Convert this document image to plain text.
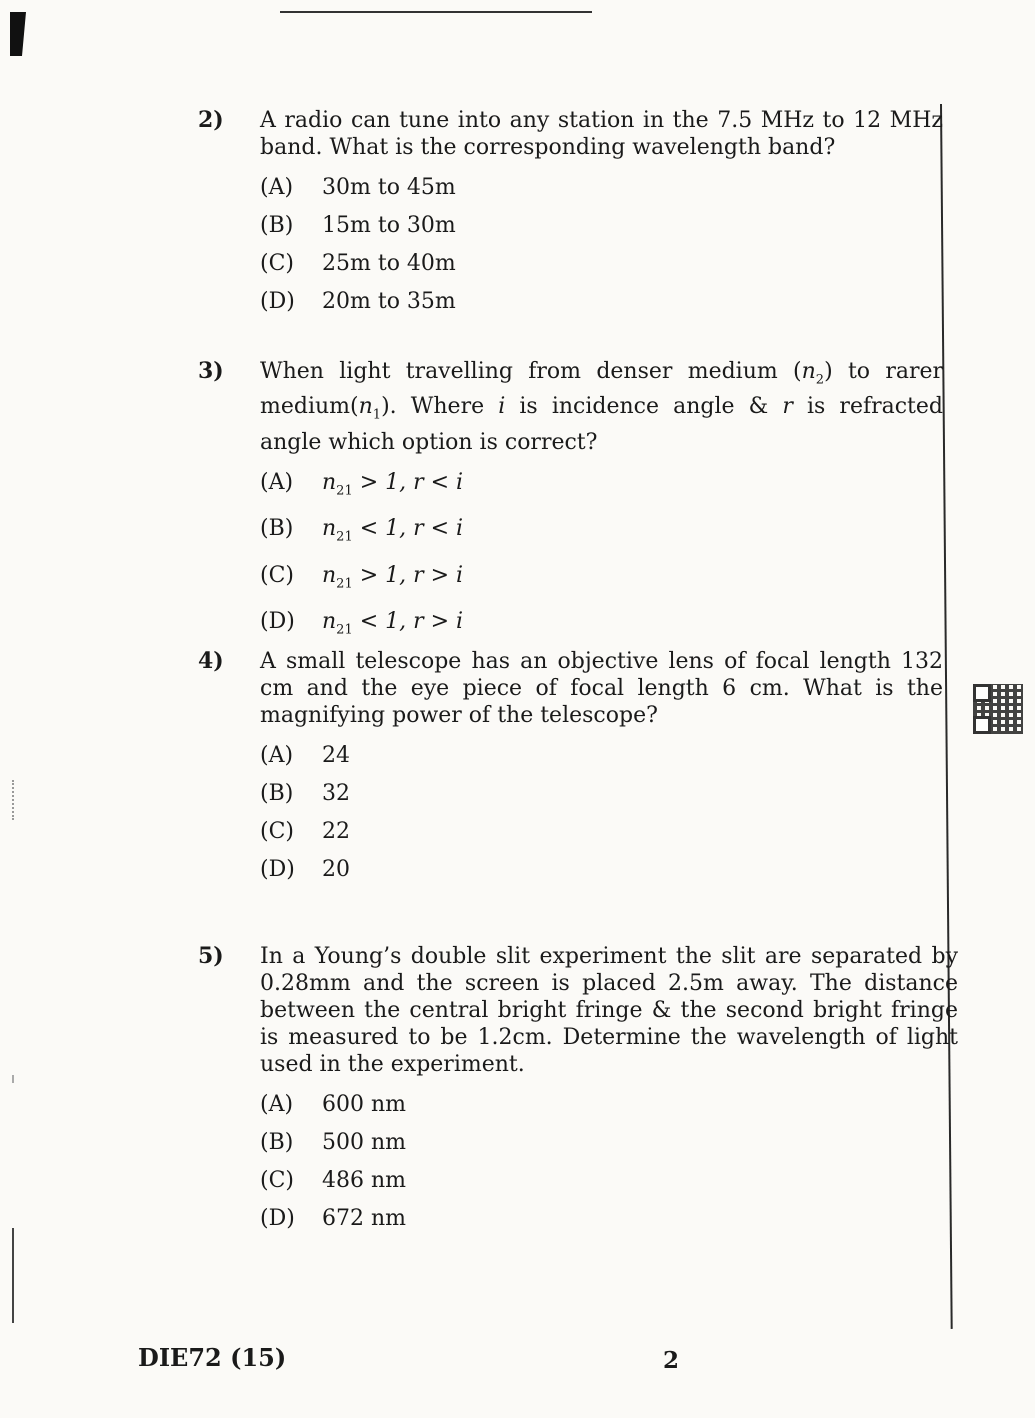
2) A radio can tune into any station in the 7.5 MHz to 12 MHz band. What is the corresponding wavelength band?
(A)	30m to 45m
(B)	15m to 30m
(C)	25m to 40m
(D)	20m to 35m
3) When light travelling from denser medium $(n_2)$ to rarer $medium(n_1)$. Where i is incidence angle & r is refracted angle which option is correct?
(A)	$n_{21} > 1$, r < i
(B)	$n_{21} < 1$, r < i
(C)	$n_{21} > 1$, r > i
(D)	$n_{21} < 1$, r > i
4) A small telescope has an objective lens of focal length 132 cm and the eye piece of focal length 6 cm. What is the magnifying power of the telescope?
(A)	24
(B)	32
(C)	22
(D)	20
5) In a Young’s double slit experiment the slit are separated by 0.28mm and the screen is placed 2.5m away. The distance between the central bright fringe & the second bright fringe is measured to be 1.2cm. Determine the wavelength of light used in the experiment.
(A)	600 nm
(B)	500 nm
(C)	486 nm
(D)	672 nm
DIE72 (15)	2
